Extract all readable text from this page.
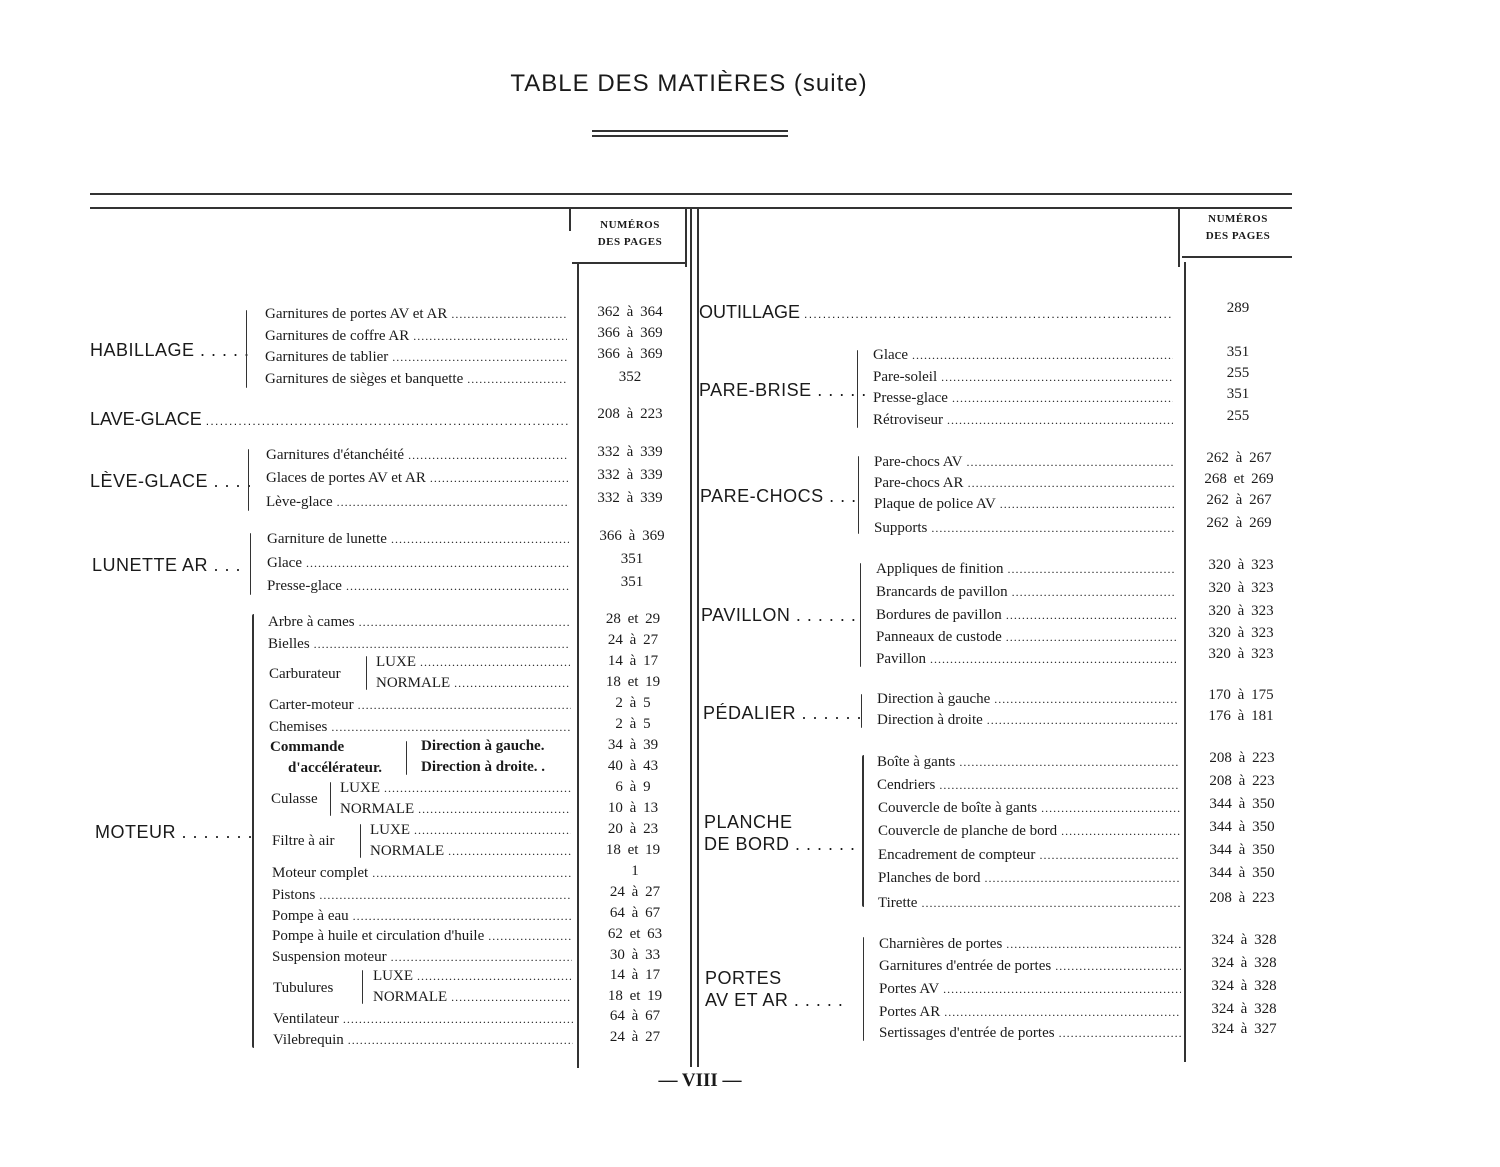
TABLE DES MATIÈRES (suite)
NUMÉROS
DES PAGES
NUMÉROS
DES PAGES
HABILLAGE . . . . .
Garnitures de portes AV et AR . . .	362 à 364
Garnitures de coffre AR . . .	366 à 369
Garnitures de tablier . . .	366 à 369
Garnitures de sièges et banquette . . .	352
LAVE-GLACE . . .	208 à 223
LÈVE-GLACE . . . .
Garnitures d'étanchéité . . .	332 à 339
Glaces de portes AV et AR . . .	332 à 339
Lève-glace . . .	332 à 339
LUNETTE AR . . .
Garniture de lunette . . .	366 à 369
Glace . . .	351
Presse-glace . . .	351
MOTEUR . . . . . . .
Arbre à cames . . .	28 et 29
Bielles . . .	24 à 27
Carburateur
LUXE . . .	14 à 17
NORMALE . . .	18 et 19
Carter-moteur . . .	2 à 5
Chemises . . .	2 à 5
Commande
d'accélérateur.
Direction à gauche.	34 à 39
Direction à droite. .	40 à 43
Culasse
LUXE . . .	6 à 9
NORMALE . . .	10 à 13
Filtre à air
LUXE . . .	20 à 23
NORMALE . . .	18 et 19
Moteur complet . . .	1
Pistons . . .	24 à 27
Pompe à eau . . .	64 à 67
Pompe à huile et circulation d'huile . . .	62 et 63
Suspension moteur . . .	30 à 33
Tubulures
LUXE . . .	14 à 17
NORMALE . . .	18 et 19
Ventilateur . . .	64 à 67
Vilebrequin . . .	24 à 27
OUTILLAGE . . .	289
PARE-BRISE . . . . .
Glace . . .	351
Pare-soleil . . .	255
Presse-glace . . .	351
Rétroviseur . . .	255
PARE-CHOCS . . .
Pare-chocs AV . . .	262 à 267
Pare-chocs AR . . .	268 et 269
Plaque de police AV . . .	262 à 267
Supports . . .	262 à 269
PAVILLON . . . . . .
Appliques de finition . . .	320 à 323
Brancards de pavillon . . .	320 à 323
Bordures de pavillon . . .	320 à 323
Panneaux de custode . . .	320 à 323
Pavillon . . .	320 à 323
PÉDALIER . . . . . .
Direction à gauche . . .	170 à 175
Direction à droite . . .	176 à 181
PLANCHE
DE BORD . . . . . .
Boîte à gants . . .	208 à 223
Cendriers . . .	208 à 223
Couvercle de boîte à gants . . .	344 à 350
Couvercle de planche de bord . . .	344 à 350
Encadrement de compteur . . .	344 à 350
Planches de bord . . .	344 à 350
Tirette . . .	208 à 223
PORTES
AV ET AR . . . . .
Charnières de portes . . .	324 à 328
Garnitures d'entrée de portes . . .	324 à 328
Portes AV . . .	324 à 328
Portes AR . . .	324 à 328
Sertissages d'entrée de portes . . .	324 à 327
— VIII —
